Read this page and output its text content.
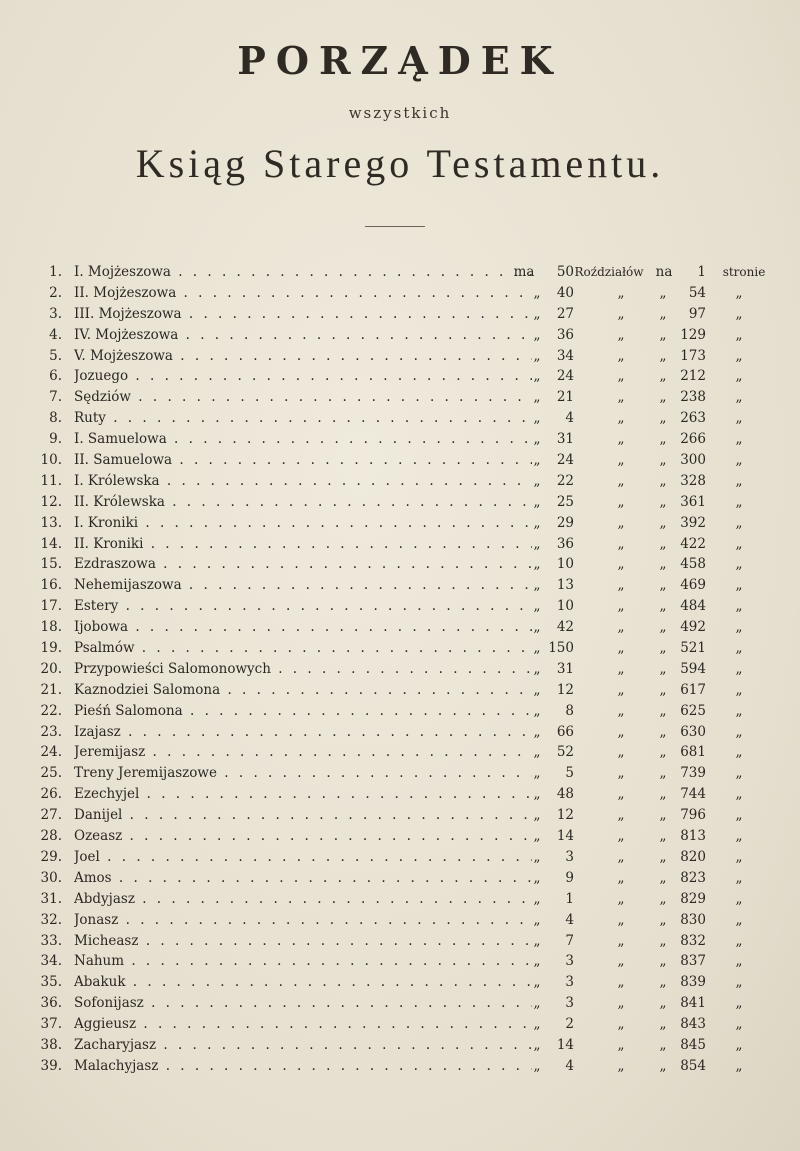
PORZĄDEK
wszystkich
Ksiąg Starego Testamentu.
1. I. Mojżeszowa . . .	ma	50 Roździałów na	1	stronie
2. II. Mojżeszowa . . .	„	40	„	„	54	„
3. III. Mojżeszowa . . .	„	27	„	„	97	„
4. IV. Mojżeszowa . . .	„	36	„	„	129	„
5. V. Mojżeszowa . . .	„	34	„	„	173	„
6. Jozuego . . .	„	24	„	„	212	„
7. Sędziów . . .	„	21	„	„	238	„
8. Ruty . . .	„	4	„	„	263	„
9. I. Samuelowa . . .	„	31	„	„	266	„
10. II. Samuelowa . . .	„	24	„	„	300	„
11. I. Królewska . . .	„	22	„	„	328	„
12. II. Królewska . . .	„	25	„	„	361	„
13. I. Kroniki . . .	„	29	„	„	392	„
14. II. Kroniki . . .	„	36	„	„	422	„
15. Ezdraszowa . . .	„	10	„	„	458	„
16. Nehemijaszowa . . .	„	13	„	„	469	„
17. Estery . . .	„	10	„	„	484	„
18. Ijobowa . . .	„	42	„	„	492	„
19. Psalmów . . .	„ 150	„	„	521	„
20. Przypowieści Salomonowych . . .	„	31	„	„	594	„
21. Kaznodziei Salomona . . .	„	12	„	„	617	„
22. Pieśń Salomona . . .	„	8	„	„	625	„
23. Izajasz . . .	„	66	„	„	630	„
24. Jeremijasz . . .	„	52	„	„	681	„
25. Treny Jeremijaszowe . . .	„	5	„	„	739	„
26. Ezechyjel . . .	„	48	„	„	744	„
27. Danijel . . .	„	12	„	„	796	„
28. Ozeasz . . .	„	14	„	„	813	„
29. Joel . . .	„	3	„	„	820	„
30. Amos . . .	„	9	„	„	823	„
31. Abdyjasz . . .	„	1	„	„	829	„
32. Jonasz . . .	„	4	„	„	830	„
33. Micheasz . . .	„	7	„	„	832	„
34. Nahum . . .	„	3	„	„	837	„
35. Abakuk . . .	„	3	„	„	839	„
36. Sofonijasz . . .	„	3	„	„	841	„
37. Aggieusz . . .	„	2	„	„	843	„
38. Zacharyjasz . . .	„	14	„	„	845	„
39. Malachyjasz . . .	„	4	„	„	854	„
